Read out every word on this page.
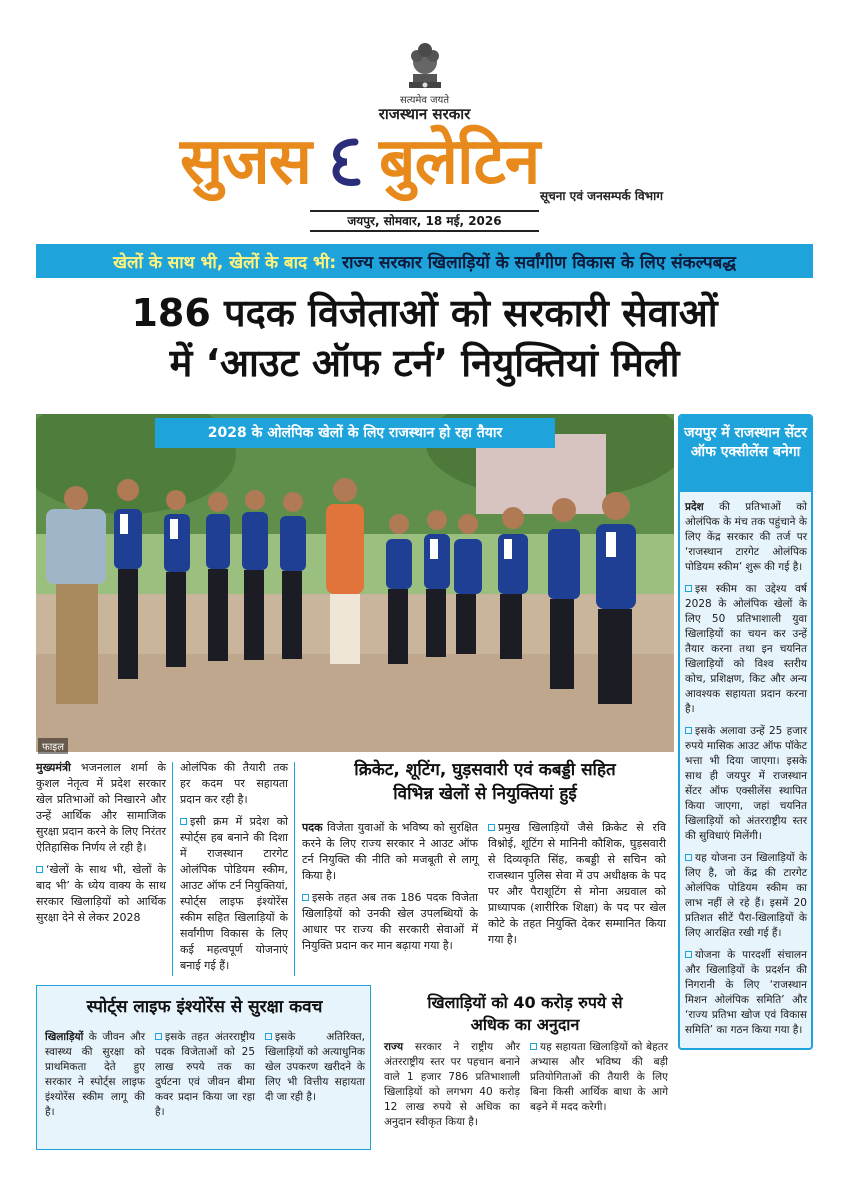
सत्यमेव जयते
राजस्थान सरकार
सुजस बुलेटिन सूचना एवं जनसम्पर्क विभाग
जयपुर, सोमवार, 18 मई, 2026
खेलों के साथ भी, खेलों के बाद भी: राज्य सरकार खिलाड़ियों के सर्वांगीण विकास के लिए संकल्पबद्ध
186 पदक विजेताओं को सरकारी सेवाओं
में ‘आउट ऑफ टर्न’ नियुक्तियां मिली
2028 के ओलंपिक खेलों के लिए राजस्थान हो रहा तैयार
फाइल
जयपुर में राजस्थान सेंटर ऑफ एक्सीलेंस बनेगा

प्रदेश की प्रतिभाओं को ओलंपिक के मंच तक पहुंचाने के लिए केंद्र सरकार की तर्ज पर ‘राजस्थान टारगेट ओलंपिक पोडियम स्कीम’ शुरू की गई है।

इस स्कीम का उद्देश्य वर्ष 2028 के ओलंपिक खेलों के लिए 50 प्रतिभाशाली युवा खिलाड़ियों का चयन कर उन्हें तैयार करना तथा इन चयनित खिलाड़ियों को विश्व स्तरीय कोच, प्रशिक्षण, किट और अन्य आवश्यक सहायता प्रदान करना है।

इसके अलावा उन्हें 25 हजार रुपये मासिक आउट ऑफ पॉकेट भत्ता भी दिया जाएगा। इसके साथ ही जयपुर में राजस्थान सेंटर ऑफ एक्सीलेंस स्थापित किया जाएगा, जहां चयनित खिलाड़ियों को अंतरराष्ट्रीय स्तर की सुविधाएं मिलेंगी।

यह योजना उन खिलाड़ियों के लिए है, जो केंद्र की टारगेट ओलंपिक पोडियम स्कीम का लाभ नहीं ले रहे हैं। इसमें 20 प्रतिशत सीटें पैरा-खिलाड़ियों के लिए आरक्षित रखी गई हैं।

योजना के पारदर्शी संचालन और खिलाड़ियों के प्रदर्शन की निगरानी के लिए ‘राजस्थान मिशन ओलंपिक समिति’ और ‘राज्य प्रतिभा खोज एवं विकास समिति’ का गठन किया गया है।

मुख्यमंत्री भजनलाल शर्मा के कुशल नेतृत्व में प्रदेश सरकार खेल प्रतिभाओं को निखारने और उन्हें आर्थिक और सामाजिक सुरक्षा प्रदान करने के लिए निरंतर ऐतिहासिक निर्णय ले रही है।

‘खेलों के साथ भी, खेलों के बाद भी’ के ध्येय वाक्य के साथ सरकार खिलाड़ियों को आर्थिक सुरक्षा देने से लेकर 2028

ओलंपिक की तैयारी तक हर कदम पर सहायता प्रदान कर रही है।

इसी क्रम में प्रदेश को स्पोर्ट्स हब बनाने की दिशा में राजस्थान टारगेट ओलंपिक पोडियम स्कीम, आउट ऑफ टर्न नियुक्तियां, स्पोर्ट्स लाइफ इंश्योरेंस स्कीम सहित खिलाड़ियों के सर्वांगीण विकास के लिए कई महत्वपूर्ण योजनाएं बनाई गई हैं।

क्रिकेट, शूटिंग, घुड़सवारी एवं कबड्डी सहित
विभिन्न खेलों से नियुक्तियां हुई

पदक विजेता युवाओं के भविष्य को सुरक्षित करने के लिए राज्य सरकार ने आउट ऑफ टर्न नियुक्ति की नीति को मजबूती से लागू किया है।

इसके तहत अब तक 186 पदक विजेता खिलाड़ियों को उनकी खेल उपलब्धियों के आधार पर राज्य की सरकारी सेवाओं में नियुक्ति प्रदान कर मान बढ़ाया गया है।

प्रमुख खिलाड़ियों जैसे क्रिकेट से रवि विश्नोई, शूटिंग से मानिनी कौशिक, घुड़सवारी से दिव्यकृति सिंह, कबड्डी से सचिन को राजस्थान पुलिस सेवा में उप अधीक्षक के पद पर और पैराशूटिंग से मोना अग्रवाल को प्राध्यापक (शारीरिक शिक्षा) के पद पर खेल कोटे के तहत नियुक्ति देकर सम्मानित किया गया है।

स्पोर्ट्स लाइफ इंश्योरेंस से सुरक्षा कवच
खिलाड़ियों के जीवन और स्वास्थ्य की सुरक्षा को प्राथमिकता देते हुए सरकार ने स्पोर्ट्स लाइफ इंश्योरेंस स्कीम लागू की है।
इसके तहत अंतरराष्ट्रीय पदक विजेताओं को 25 लाख रुपये तक का दुर्घटना एवं जीवन बीमा कवर प्रदान किया जा रहा है।
इसके अतिरिक्त, खिलाड़ियों को अत्याधुनिक खेल उपकरण खरीदने के लिए भी वित्तीय सहायता दी जा रही है।
खिलाड़ियों को 40 करोड़ रुपये से
अधिक का अनुदान
राज्य सरकार ने राष्ट्रीय और अंतरराष्ट्रीय स्तर पर पहचान बनाने वाले 1 हजार 786 प्रतिभाशाली खिलाड़ियों को लगभग 40 करोड़ 12 लाख रुपये से अधिक का अनुदान स्वीकृत किया है।
यह सहायता खिलाड़ियों को बेहतर अभ्यास और भविष्य की बड़ी प्रतियोगिताओं की तैयारी के लिए बिना किसी आर्थिक बाधा के आगे बढ़ने में मदद करेगी।
